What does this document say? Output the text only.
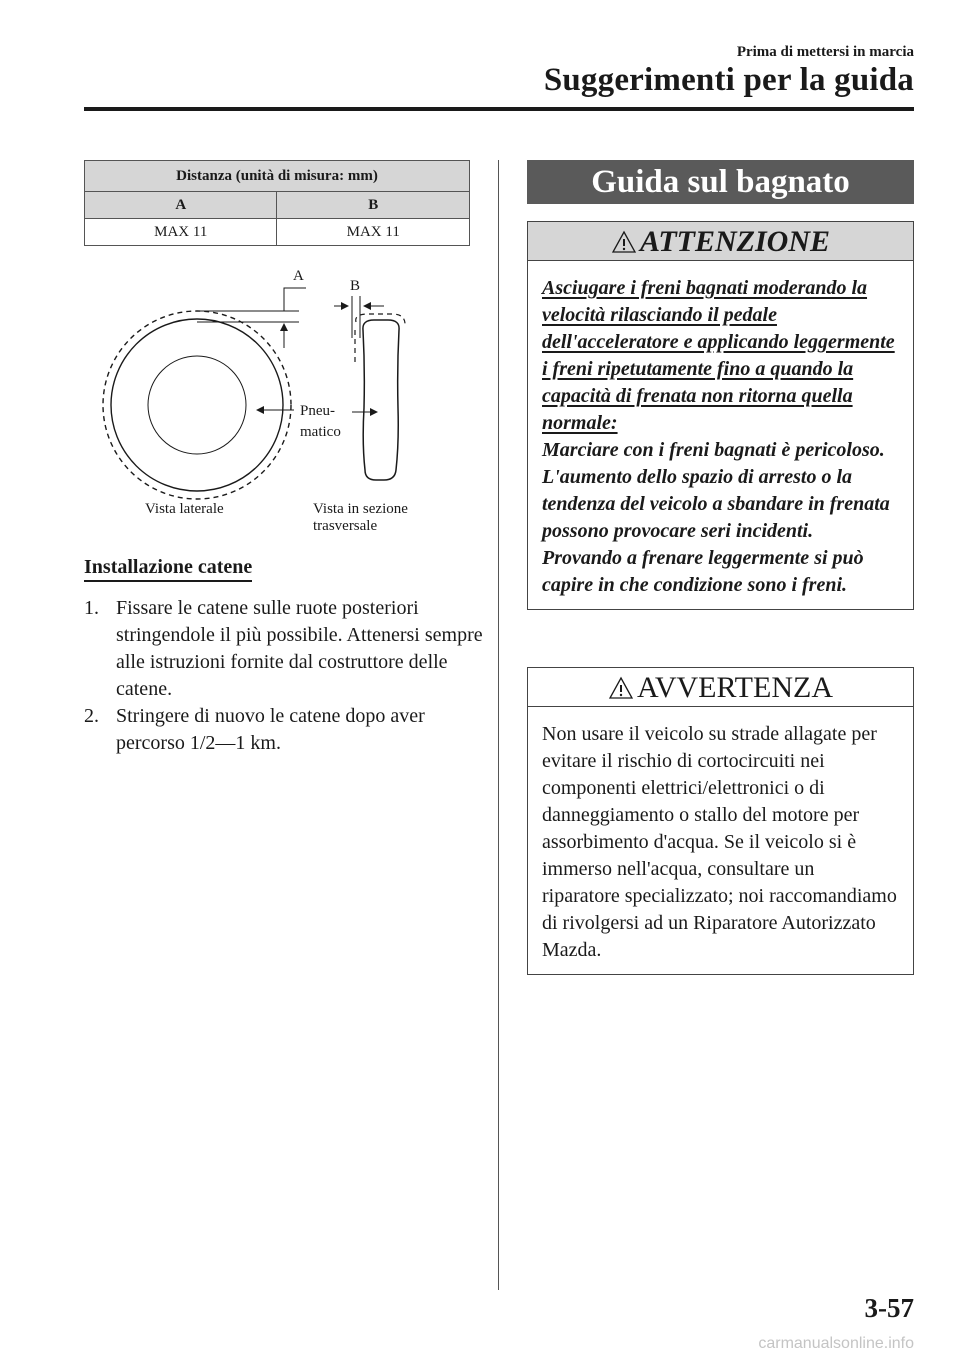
Prima di mettersi in marcia
Suggerimenti per la guida
Distanza (unità di misura: mm)	
A	B
MAX 11	MAX 11
A
B
Pneu-
matico
Vista laterale	Vista in sezione
trasversale
Installazione catene
1. Fissare le catene sulle ruote posteriori stringendole il più possibile. Attenersi sempre alle istruzioni fornite dal costruttore delle catene.
2. Stringere di nuovo le catene dopo aver percorso 1/2―1 km.
Guida sul bagnato
ATTENZIONE
Asciugare i freni bagnati moderando la velocità rilasciando il pedale dell'acceleratore e applicando leggermente i freni ripetutamente fino a quando la capacità di frenata non ritorna quella normale:
Marciare con i freni bagnati è pericoloso. L'aumento dello spazio di arresto o la tendenza del veicolo a sbandare in frenata possono provocare seri incidenti. Provando a frenare leggermente si può capire in che condizione sono i freni.
AVVERTENZA
Non usare il veicolo su strade allagate per evitare il rischio di cortocircuiti nei componenti elettrici/elettronici o di danneggiamento o stallo del motore per assorbimento d'acqua. Se il veicolo si è immerso nell'acqua, consultare un riparatore specializzato; noi raccomandiamo di rivolgersi ad un Riparatore Autorizzato Mazda.
3-57
carmanualsonline.info
